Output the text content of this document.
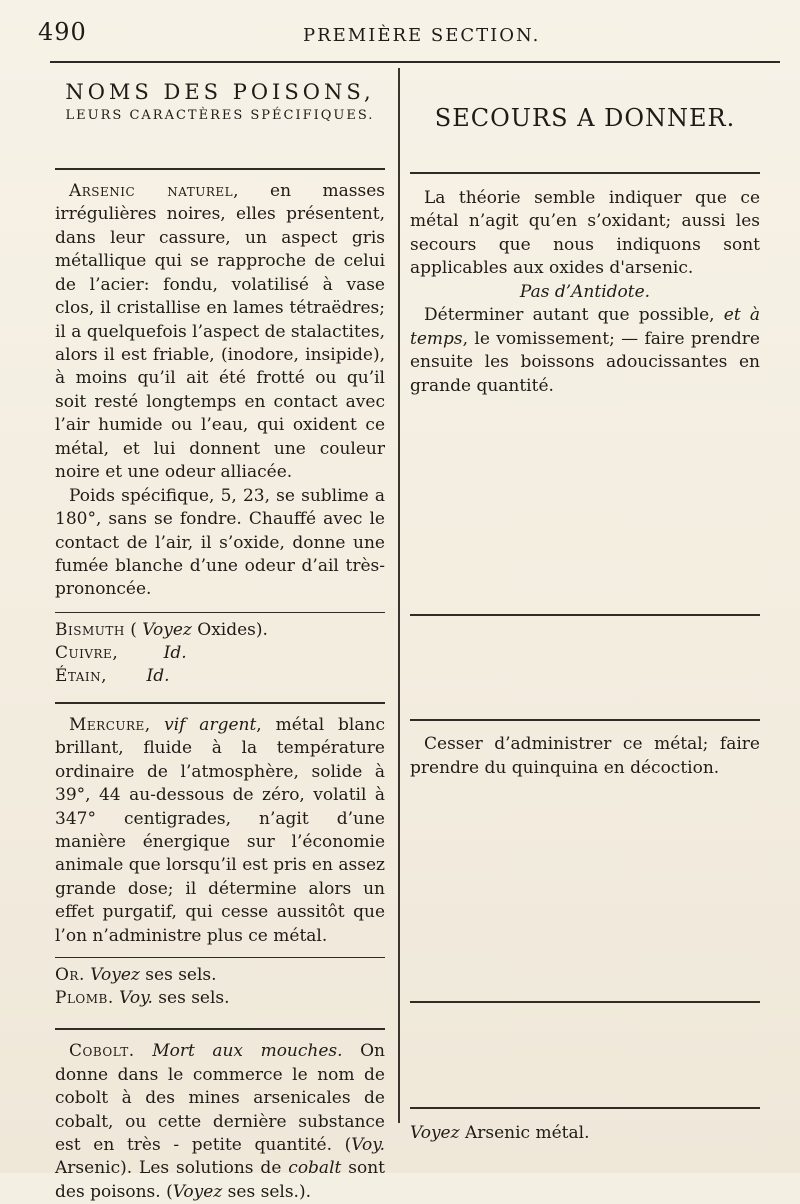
490	PREMIÈRE SECTION.
NOMS DES POISONS,
LEURS CARACTÈRES SPÉCIFIQUES.

Arsenic naturel, en masses irrégulières noires, elles présentent, dans leur cassure, un aspect gris métallique qui se rapproche de celui de l’acier: fondu, volatilisé à vase clos, il cristallise en lames tétraëdres; il a quelquefois l’aspect de stalactites, alors il est friable, (inodore, insipide), à moins qu’il ait été frotté ou qu’il soit resté longtemps en contact avec l’air humide ou l’eau, qui oxident ce métal, et lui donnent une couleur noire et une odeur alliacée.

Poids spécifique, 5, 23, se sublime a 180°, sans se fondre. Chauffé avec le contact de l’air, il s’oxide, donne une fumée blanche d’une odeur d’ail très-prononcée.

Bismuth ( Voyez Oxides).
Cuivre,	Id.
Étain, Id.

Mercure, vif argent, métal blanc brillant, fluide à la température ordinaire de l’atmosphère, solide à 39°, 44 au-dessous de zéro, volatil à 347° centigrades, n’agit d’une manière énergique sur l’économie animale que lorsqu’il est pris en assez grande dose; il détermine alors un effet purgatif, qui cesse aussitôt que l’on n’administre plus ce métal.

Or. Voyez ses sels.
Plomb. Voy. ses sels.

Cobolt. Mort aux mouches. On donne dans le commerce le nom de cobolt à des mines arsenicales de cobalt, ou cette dernière substance est en très - petite quantité. (Voy. Arsenic). Les solutions de cobalt sont des poisons. (Voyez ses sels.).

SECOURS A DONNER.

La théorie semble indiquer que ce métal n’agit qu’en s’oxidant; aussi les secours que nous indiquons sont applicables aux oxides d'arsenic.

Pas d’Antidote.

Déterminer autant que possible, et à temps, le vomissement; — faire prendre ensuite les boissons adoucissantes en grande quantité.

Cesser d’administrer ce métal; faire prendre du quinquina en décoction.

Voyez Arsenic métal.
